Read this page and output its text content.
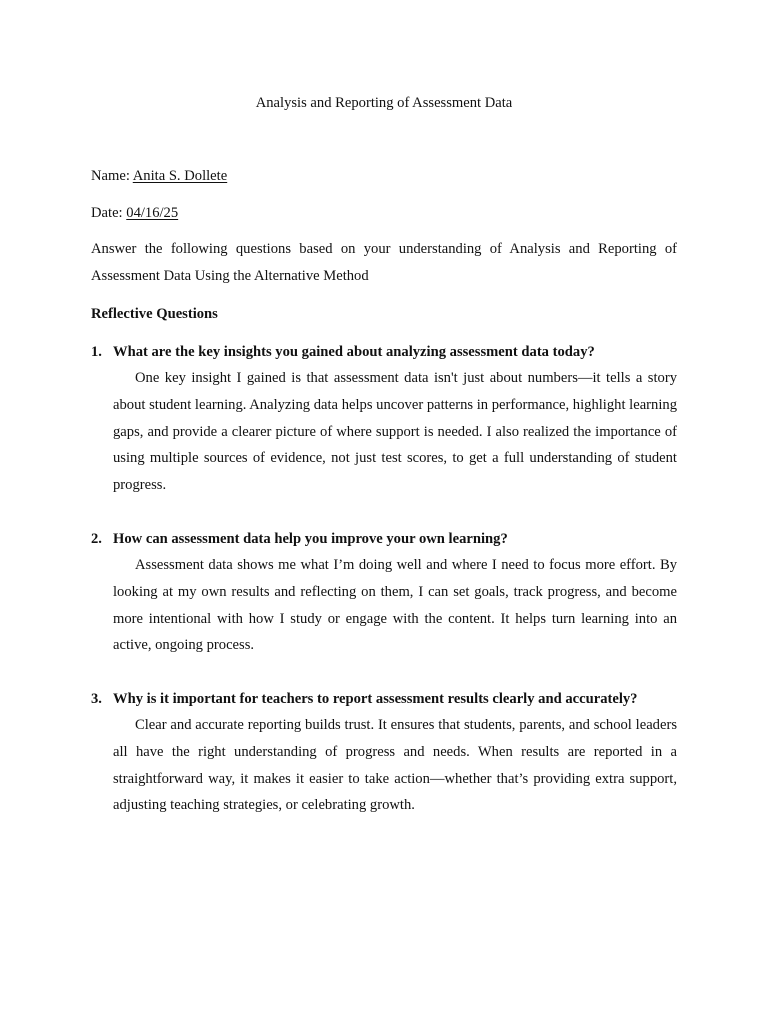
Analysis and Reporting of Assessment Data
Name: Anita S. Dollete
Date: 04/16/25

Answer the following questions based on your understanding of Analysis and Reporting of Assessment Data Using the Alternative Method

Reflective Questions
1. What are the key insights you gained about analyzing assessment data today?

One key insight I gained is that assessment data isn't just about numbers—it tells a story about student learning. Analyzing data helps uncover patterns in performance, highlight learning gaps, and provide a clearer picture of where support is needed. I also realized the importance of using multiple sources of evidence, not just test scores, to get a full understanding of student progress.

2. How can assessment data help you improve your own learning?

Assessment data shows me what I’m doing well and where I need to focus more effort. By looking at my own results and reflecting on them, I can set goals, track progress, and become more intentional with how I study or engage with the content. It helps turn learning into an active, ongoing process.

3. Why is it important for teachers to report assessment results clearly and accurately?

Clear and accurate reporting builds trust. It ensures that students, parents, and school leaders all have the right understanding of progress and needs. When results are reported in a straightforward way, it makes it easier to take action—whether that’s providing extra support, adjusting teaching strategies, or celebrating growth.
